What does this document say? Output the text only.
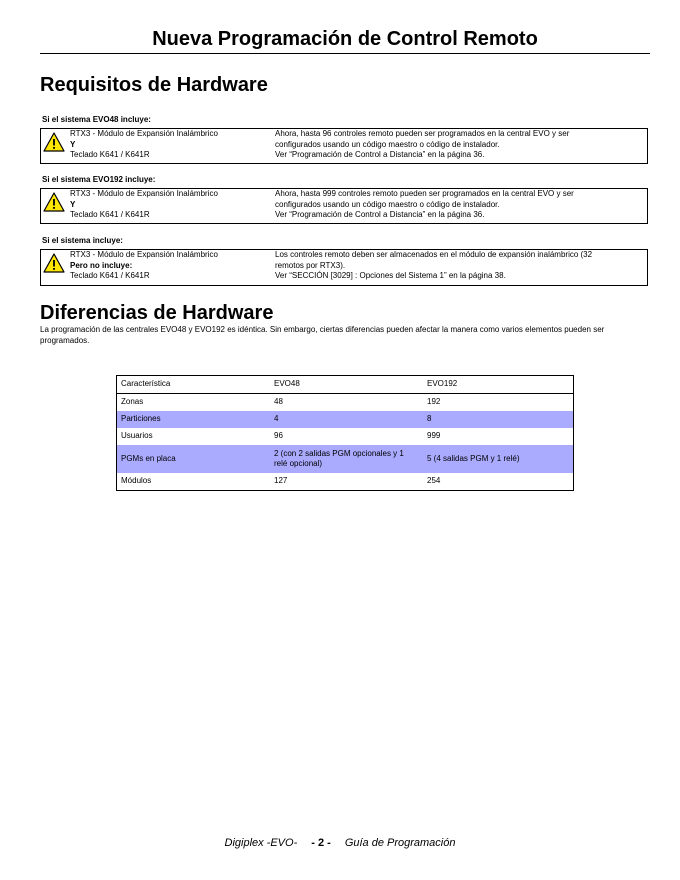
Nueva Programación de Control Remoto
Requisitos de Hardware
Si el sistema EVO48 incluye:
RTX3 - Módulo de Expansión Inalámbrico
Y
Teclado K641 / K641R
Ahora, hasta 96 controles remoto pueden ser programados en la central EVO y ser
configurados usando un código maestro o código de instalador.
Ver “Programación de Control a Distancia” en la página 36.
Si el sistema EVO192 incluye:
RTX3 - Módulo de Expansión Inalámbrico
Y
Teclado K641 / K641R
Ahora, hasta 999 controles remoto pueden ser programados en la central EVO y ser
configurados usando un código maestro o código de instalador.
Ver “Programación de Control a Distancia” en la página 36.
Si el sistema incluye:
RTX3 - Módulo de Expansión Inalámbrico
Pero no incluye:
Teclado K641 / K641R
Los controles remoto deben ser almacenados en el módulo de expansión inalámbrico (32
remotos por RTX3).
Ver “SECCIÓN [3029] : Opciones del Sistema 1” en la página 38.
Diferencias de Hardware
La programación de las centrales EVO48 y EVO192 es idéntica. Sin embargo, ciertas diferencias pueden afectar la manera como varios elementos pueden ser programados.
Característica	EVO48	EVO192
Zonas	48	192
Particiones	4	8
Usuarios	96	999
PGMs en placa	2 (con 2 salidas PGM opcionales y 1 relé opcional)	5 (4 salidas PGM y 1 relé)
Módulos	127	254
Digiplex -EVO- - 2 - Guía de Programación
